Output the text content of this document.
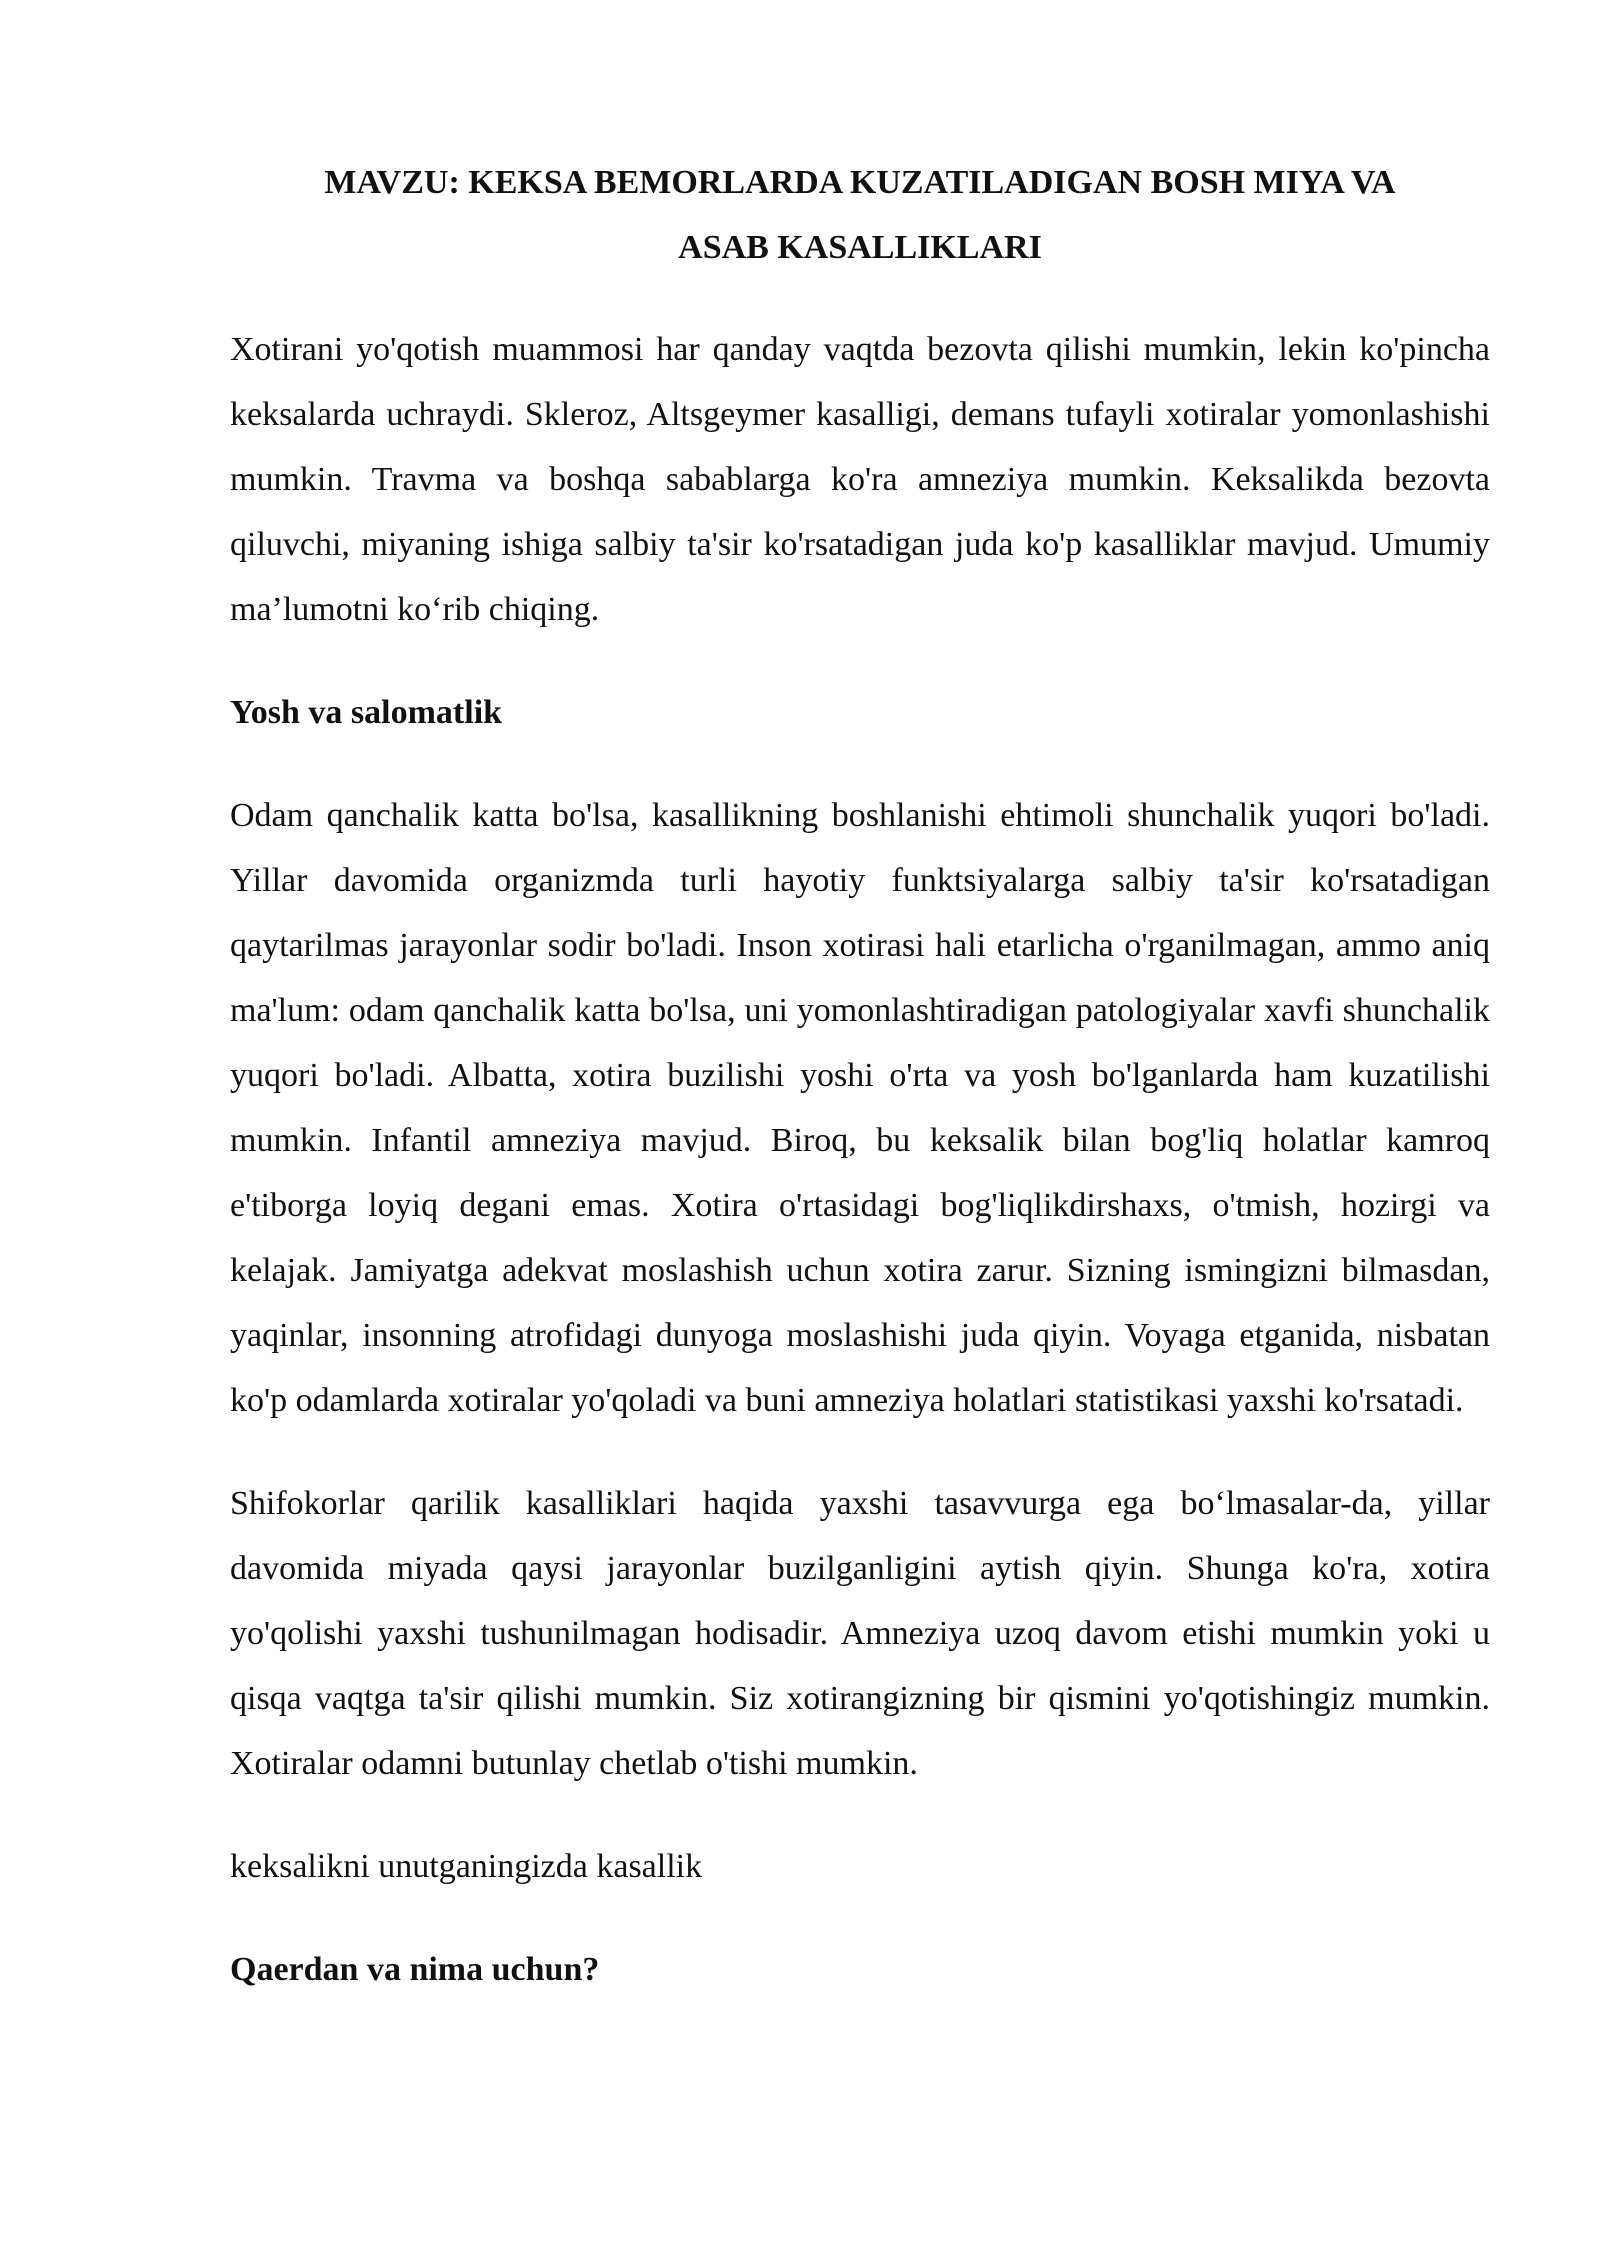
MAVZU: KEKSA BEMORLARDA KUZATILADIGAN BOSH MIYA VA
ASAB KASALLIKLARI

Xotirani yo'qotish muammosi har qanday vaqtda bezovta qilishi mumkin, lekin ko'pincha keksalarda uchraydi. Skleroz, Altsgeymer kasalligi, demans tufayli xotiralar yomonlashishi mumkin. Travma va boshqa sabablarga ko'ra amneziya mumkin. Keksalikda bezovta qiluvchi, miyaning ishiga salbiy ta'sir ko'rsatadigan juda ko'p kasalliklar mavjud. Umumiy ma’lumotni ko‘rib chiqing.

Yosh va salomatlik

Odam qanchalik katta bo'lsa, kasallikning boshlanishi ehtimoli shunchalik yuqori bo'ladi. Yillar davomida organizmda turli hayotiy funktsiyalarga salbiy ta'sir ko'rsatadigan qaytarilmas jarayonlar sodir bo'ladi. Inson xotirasi hali etarlicha o'rganilmagan, ammo aniq ma'lum: odam qanchalik katta bo'lsa, uni yomonlashtiradigan patologiyalar xavfi shunchalik yuqori bo'ladi. Albatta, xotira buzilishi yoshi o'rta va yosh bo'lganlarda ham kuzatilishi mumkin. Infantil amneziya mavjud. Biroq, bu keksalik bilan bog'liq holatlar kamroq e'tiborga loyiq degani emas. Xotira o'rtasidagi bog'liqlikdirshaxs, o'tmish, hozirgi va kelajak. Jamiyatga adekvat moslashish uchun xotira zarur. Sizning ismingizni bilmasdan, yaqinlar, insonning atrofidagi dunyoga moslashishi juda qiyin. Voyaga etganida, nisbatan ko'p odamlarda xotiralar yo'qoladi va buni amneziya holatlari statistikasi yaxshi ko'rsatadi.

Shifokorlar qarilik kasalliklari haqida yaxshi tasavvurga ega bo‘lmasalar-da, yillar davomida miyada qaysi jarayonlar buzilganligini aytish qiyin. Shunga ko'ra, xotira yo'qolishi yaxshi tushunilmagan hodisadir. Amneziya uzoq davom etishi mumkin yoki u qisqa vaqtga ta'sir qilishi mumkin. Siz xotirangizning bir qismini yo'qotishingiz mumkin. Xotiralar odamni butunlay chetlab o'tishi mumkin.

keksalikni unutganingizda kasallik

Qaerdan va nima uchun?
